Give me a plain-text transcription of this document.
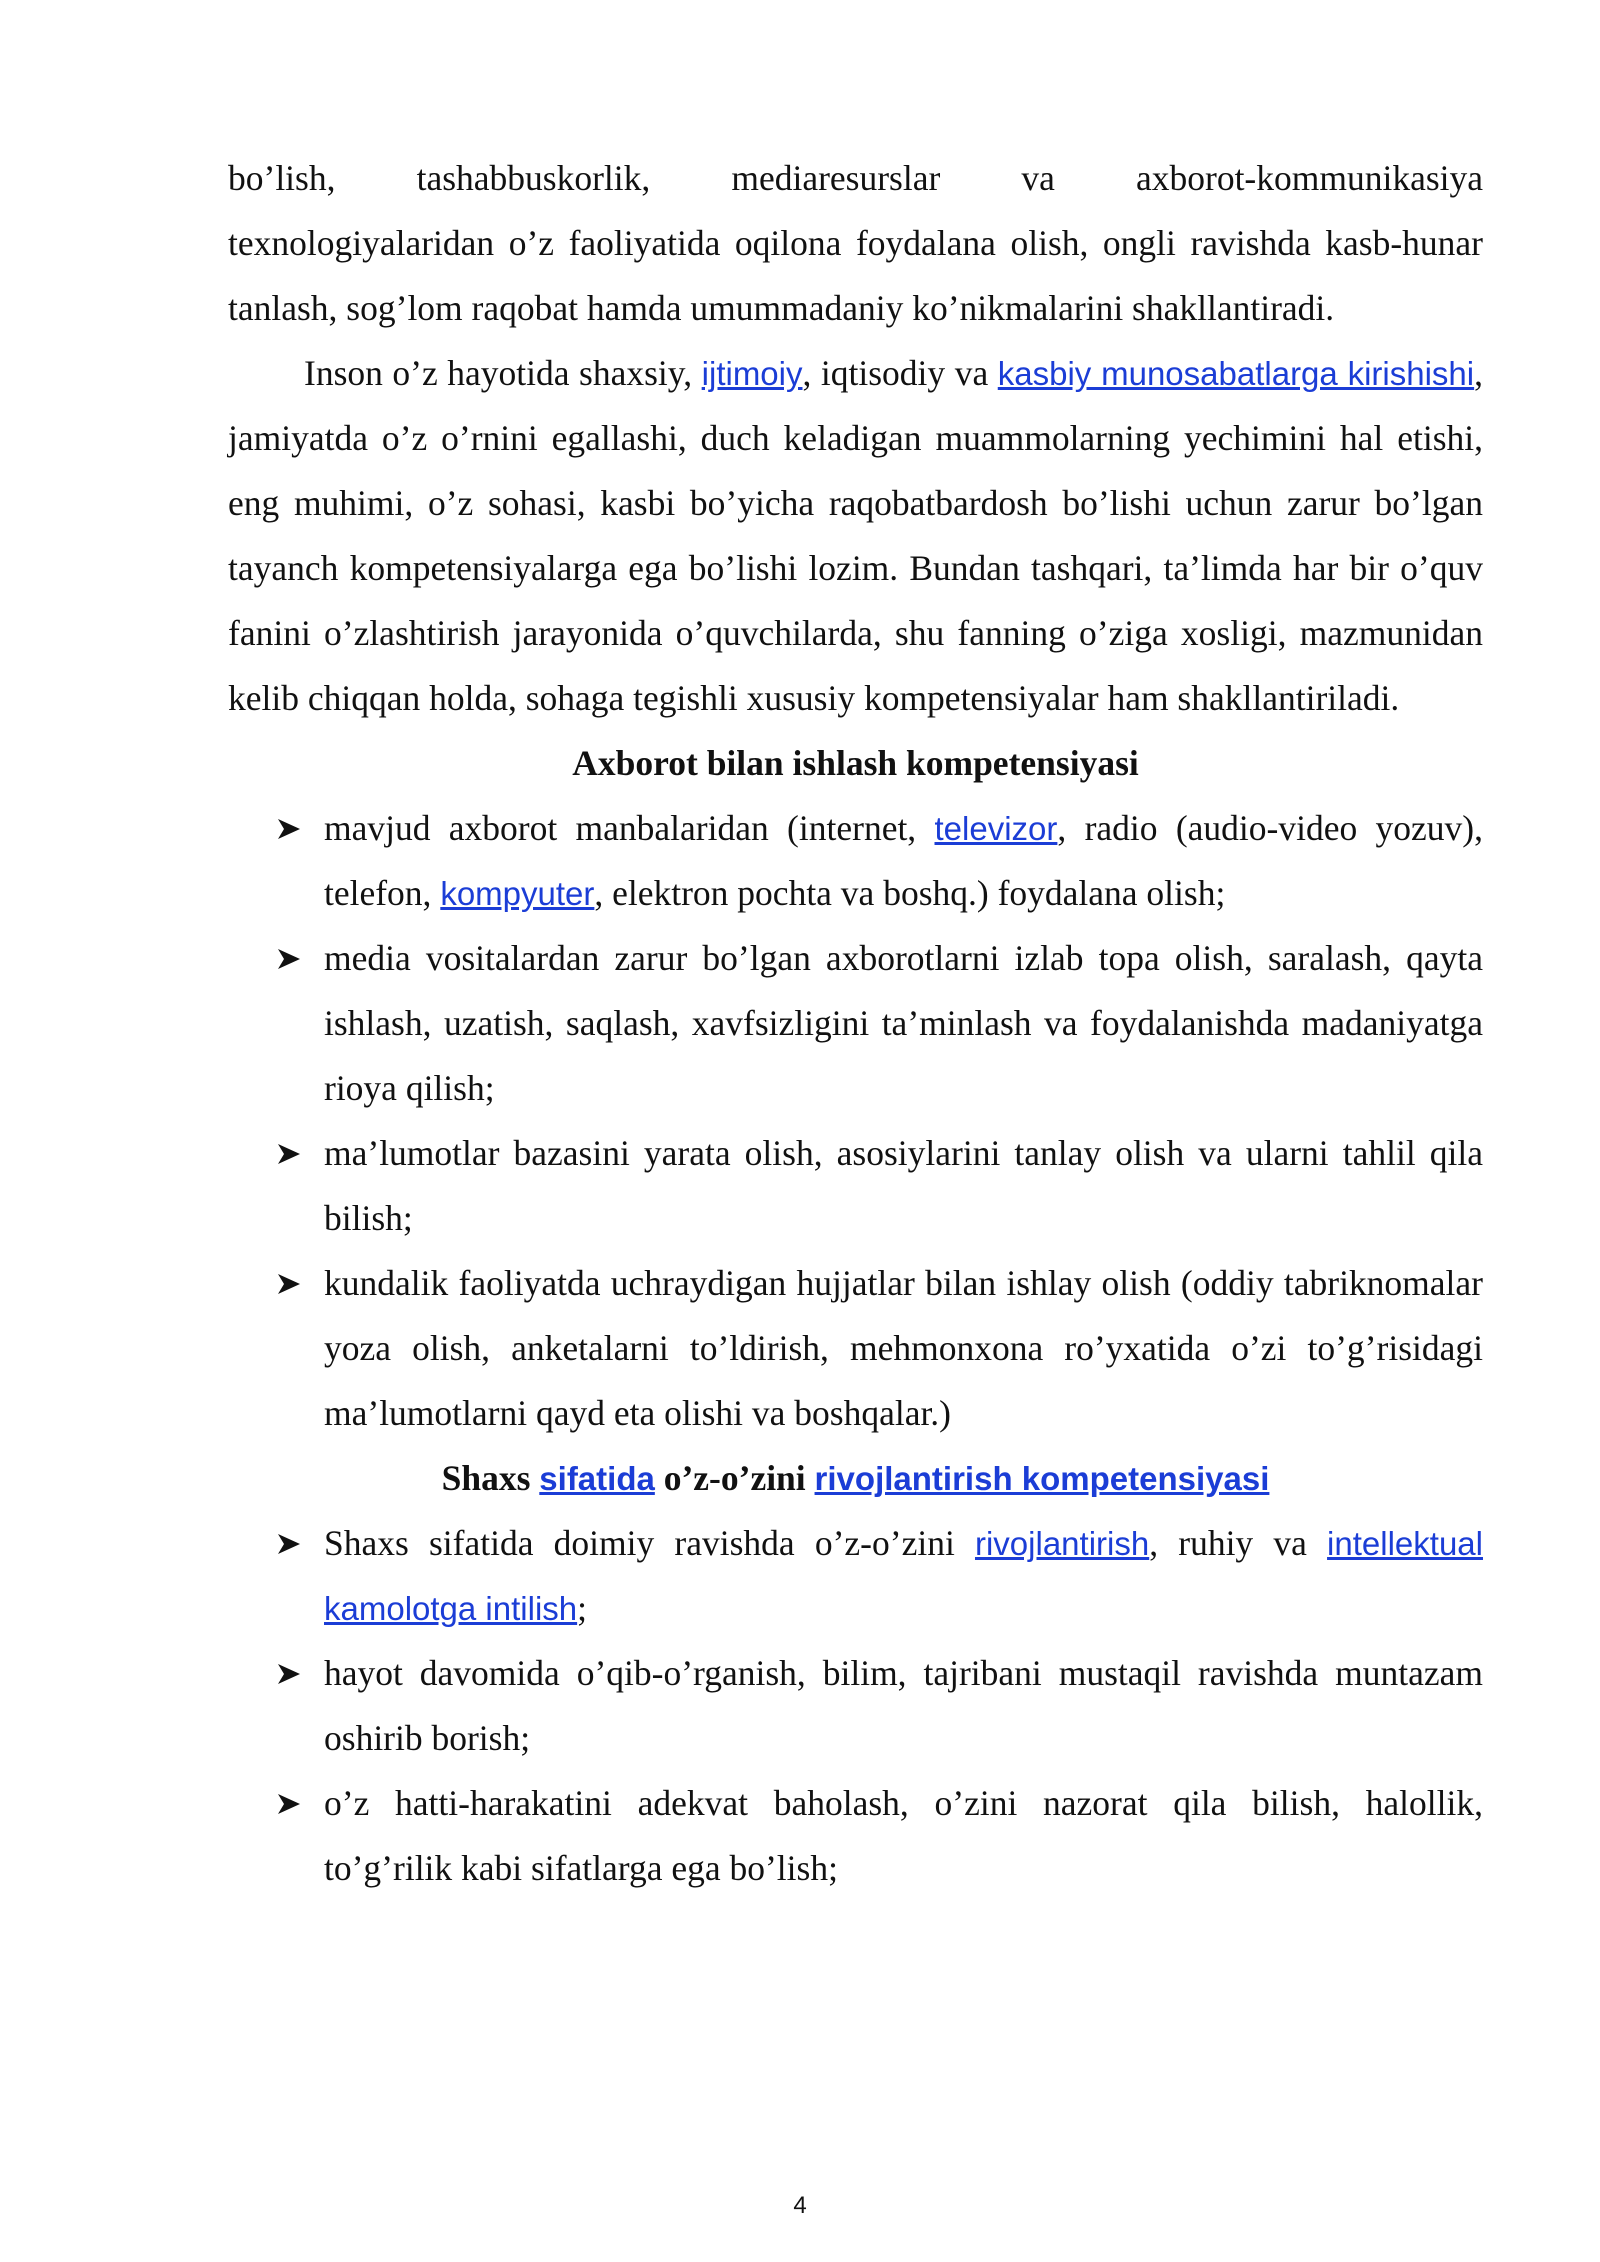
bo’lish, tashabbuskorlik, mediaresurslar va axborot-kommunikasiya

texnologiyalaridan o’z faoliyatida oqilona foydalana olish, ongli ravishda kasb-hunar tanlash, sog’lom raqobat hamda umummadaniy ko’nikmalarini shakllantiradi.

Inson o’z hayotida shaxsiy, ijtimoiy, iqtisodiy va kasbiy munosabatlarga kirishishi, jamiyatda o’z o’rnini egallashi, duch keladigan muammolarning yechimini hal etishi, eng muhimi, o’z sohasi, kasbi bo’yicha raqobatbardosh bo’lishi uchun zarur bo’lgan tayanch kompetensiyalarga ega bo’lishi lozim. Bundan tashqari, ta’limda har bir o’quv fanini o’zlashtirish jarayonida o’quvchilarda, shu fanning o’ziga xosligi, mazmunidan kelib chiqqan holda, sohaga tegishli xususiy kompetensiyalar ham shakllantiriladi.

Axborot bilan ishlash kompetensiyasi

mavjud axborot manbalaridan (internet, televizor, radio (audio-video yozuv), telefon, kompyuter, elektron pochta va boshq.) foydalana olish;
media vositalardan zarur bo’lgan axborotlarni izlab topa olish, saralash, qayta ishlash, uzatish, saqlash, xavfsizligini ta’minlash va foydalanishda madaniyatga rioya qilish;
ma’lumotlar bazasini yarata olish, asosiylarini tanlay olish va ularni tahlil qila bilish;
kundalik faoliyatda uchraydigan hujjatlar bilan ishlay olish (oddiy tabriknomalar yoza olish, anketalarni to’ldirish, mehmonxona ro’yxatida o’zi to’g’risidagi ma’lumotlarni qayd eta olishi va boshqalar.)

Shaxs sifatida o’z-o’zini rivojlantirish kompetensiyasi

Shaxs sifatida doimiy ravishda o’z-o’zini rivojlantirish, ruhiy va intellektual kamolotga intilish;
hayot davomida o’qib-o’rganish, bilim, tajribani mustaqil ravishda muntazam oshirib borish;
o’z hatti-harakatini adekvat baholash, o’zini nazorat qila bilish, halollik, to’g’rilik kabi sifatlarga ega bo’lish;
4
